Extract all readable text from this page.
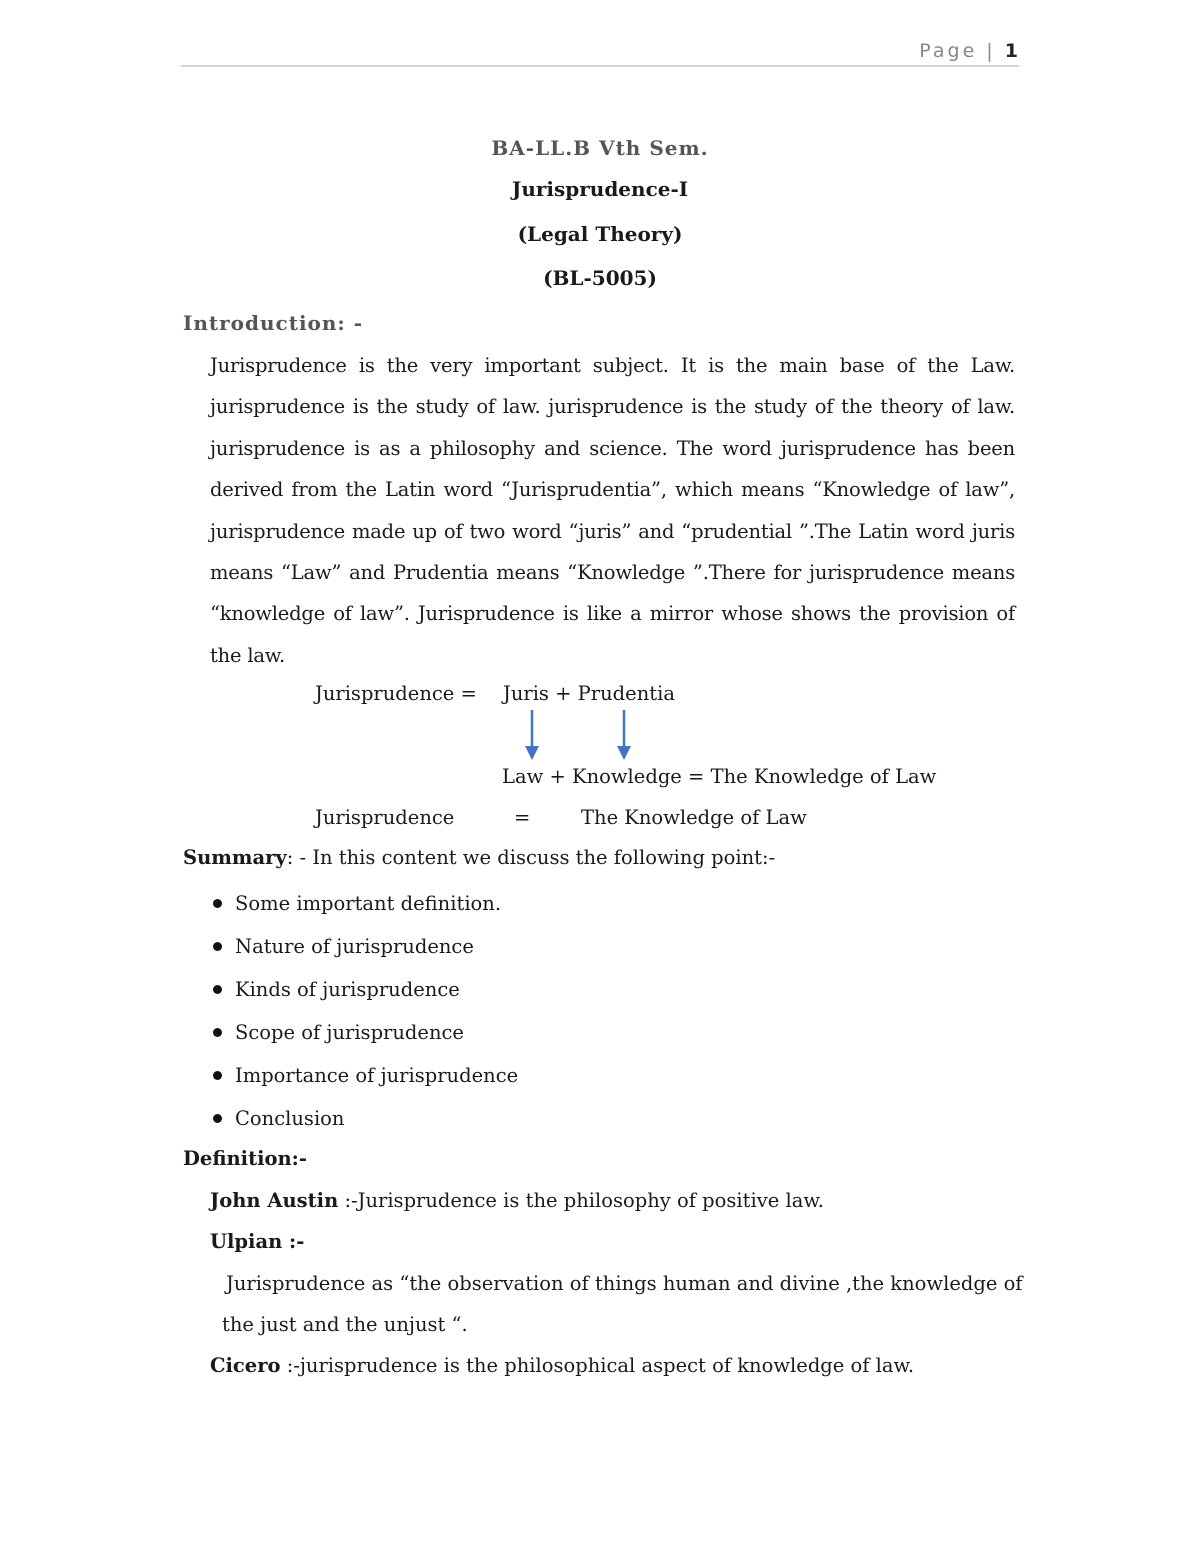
Page | 1
BA-LL.B Vth Sem.
Jurisprudence-I
(Legal Theory)
(BL-5005)
Introduction: -
Jurisprudence is the very important subject. It is the main base of the Law. jurisprudence is the study of law. jurisprudence is the study of the theory of law. jurisprudence is as a philosophy and science. The word jurisprudence has been derived from the Latin word “Jurisprudentia”, which means “Knowledge of law”, jurisprudence made up of two word “juris” and “prudential ”.The Latin word juris means “Law” and Prudentia means “Knowledge ”.There for jurisprudence means “knowledge of law”. Jurisprudence is like a mirror whose shows the provision of the law.
Jurisprudence = Juris + Prudentia
Law + Knowledge = The Knowledge of Law
Jurisprudence	=	The Knowledge of Law
Summary: - In this content we discuss the following point:-
Some important definition.
Nature of jurisprudence
Kinds of jurisprudence
Scope of jurisprudence
Importance of jurisprudence
Conclusion
Definition:-
John Austin :-Jurisprudence is the philosophy of positive law.
Ulpian :-
Jurisprudence as “the observation of things human and divine ,the knowledge of
the just and the unjust “.
Cicero :-jurisprudence is the philosophical aspect of knowledge of law.
